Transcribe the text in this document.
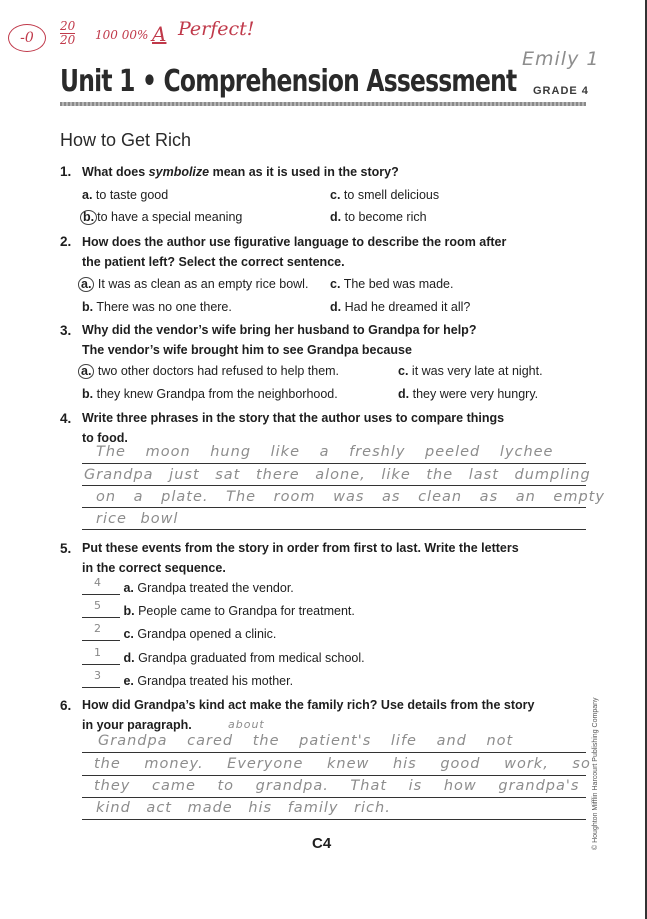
-0	$\frac{20}{20} 100$ 00% A Perfect!
Emily 1
Unit 1 • Comprehension Assessment GRADE 4
How to Get Rich
1. What does symbolize mean as it is used in the story?
a. to taste good	c. to smell delicious
b. to have a special meaning	d. to become rich
2. How does the author use figurative language to describe the room after
the patient left? Select the correct sentence.
a. It was as clean as an empty rice bowl. c. The bed was made.
b. There was no one there.	d. Had he dreamed it all?
3. Why did the vendor’s wife bring her husband to Grandpa for help?
The vendor’s wife brought him to see Grandpa because
a. two other doctors had refused to help them.	c. it was very late at night.
b. they knew Grandpa from the neighborhood.	d. they were very hungry.
4. Write three phrases in the story that the author uses to compare things
to food.
The moon hung like a freshly peeled lychee
Grandpa just sat there alone, like the last dumpling
on a plate. The room was as clean as an empty
rice bowl
5. Put these events from the story in order from first to last. Write the letters
in the correct sequence.
4 a. Grandpa treated the vendor.
5 b. People came to Grandpa for treatment.
2 c. Grandpa opened a clinic.
1 d. Grandpa graduated from medical school.
3 e. Grandpa treated his mother.
6. How did Grandpa’s kind act make the family rich? Use details from the story
in your paragraph.	about
Grandpa cared the patient's life and not
the money. Everyone knew his good work, so
they came to grandpa. That is how grandpa's
kind act made his family rich.
C4	© Houghton Mifflin Harcourt Publishing Company
